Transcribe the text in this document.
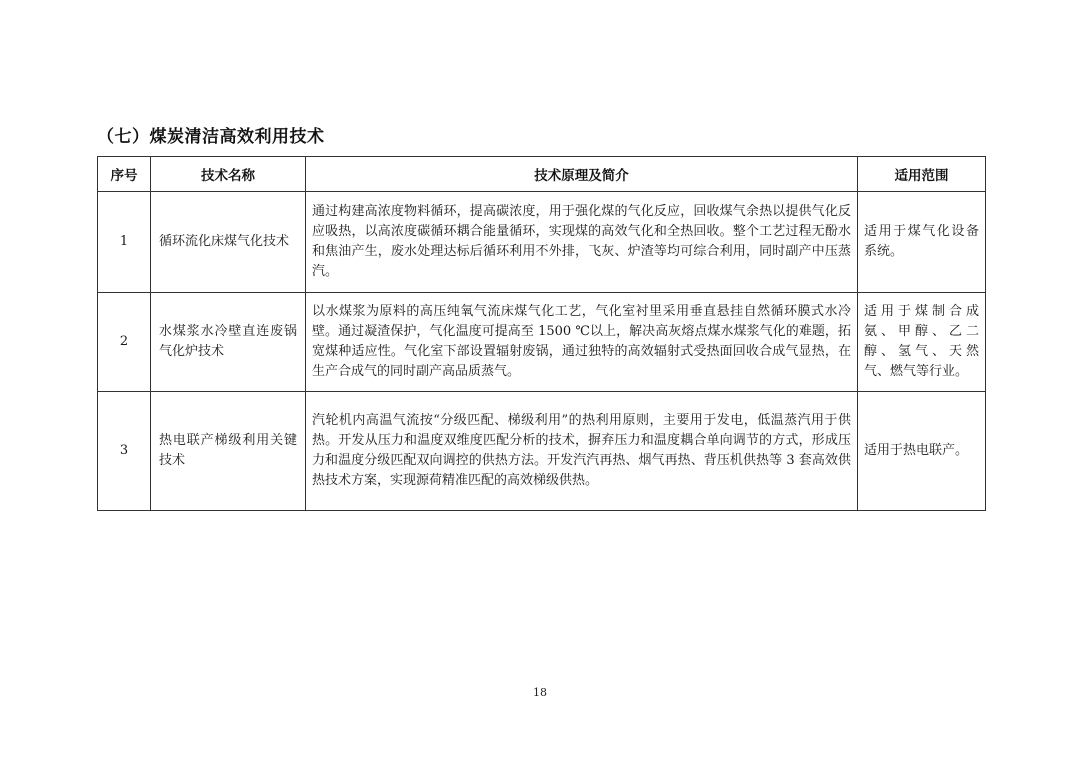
（七）煤炭清洁高效利用技术
序号	技术名称	技术原理及简介	适用范围
1	循环流化床煤气化技术	通过构建高浓度物料循环，提高碳浓度，用于强化煤的气化反应，回收煤气余热以提供气化反应吸热，以高浓度碳循环耦合能量循环，实现煤的高效气化和全热回收。整个工艺过程无酚水和焦油产生，废水处理达标后循环利用不外排，飞灰、炉渣等均可综合利用，同时副产中压蒸汽。	适用于煤气化设备系统。
2	水煤浆水冷壁直连废锅气化炉技术	以水煤浆为原料的高压纯氧气流床煤气化工艺，气化室衬里采用垂直悬挂自然循环膜式水冷壁。通过凝渣保护，气化温度可提高至 1500 ℃以上，解决高灰熔点煤水煤浆气化的难题，拓宽煤种适应性。气化室下部设置辐射废锅，通过独特的高效辐射式受热面回收合成气显热，在生产合成气的同时副产高品质蒸气。	适用于煤制合成氨、甲醇、乙二醇、氢气、天然气、燃气等行业。
3	热电联产梯级利用关键技术	汽轮机内高温气流按“分级匹配、梯级利用”的热利用原则，主要用于发电，低温蒸汽用于供热。开发从压力和温度双维度匹配分析的技术，摒弃压力和温度耦合单向调节的方式，形成压力和温度分级匹配双向调控的供热方法。开发汽汽再热、烟气再热、背压机供热等 3 套高效供热技术方案，实现源荷精准匹配的高效梯级供热。	适用于热电联产。
18
